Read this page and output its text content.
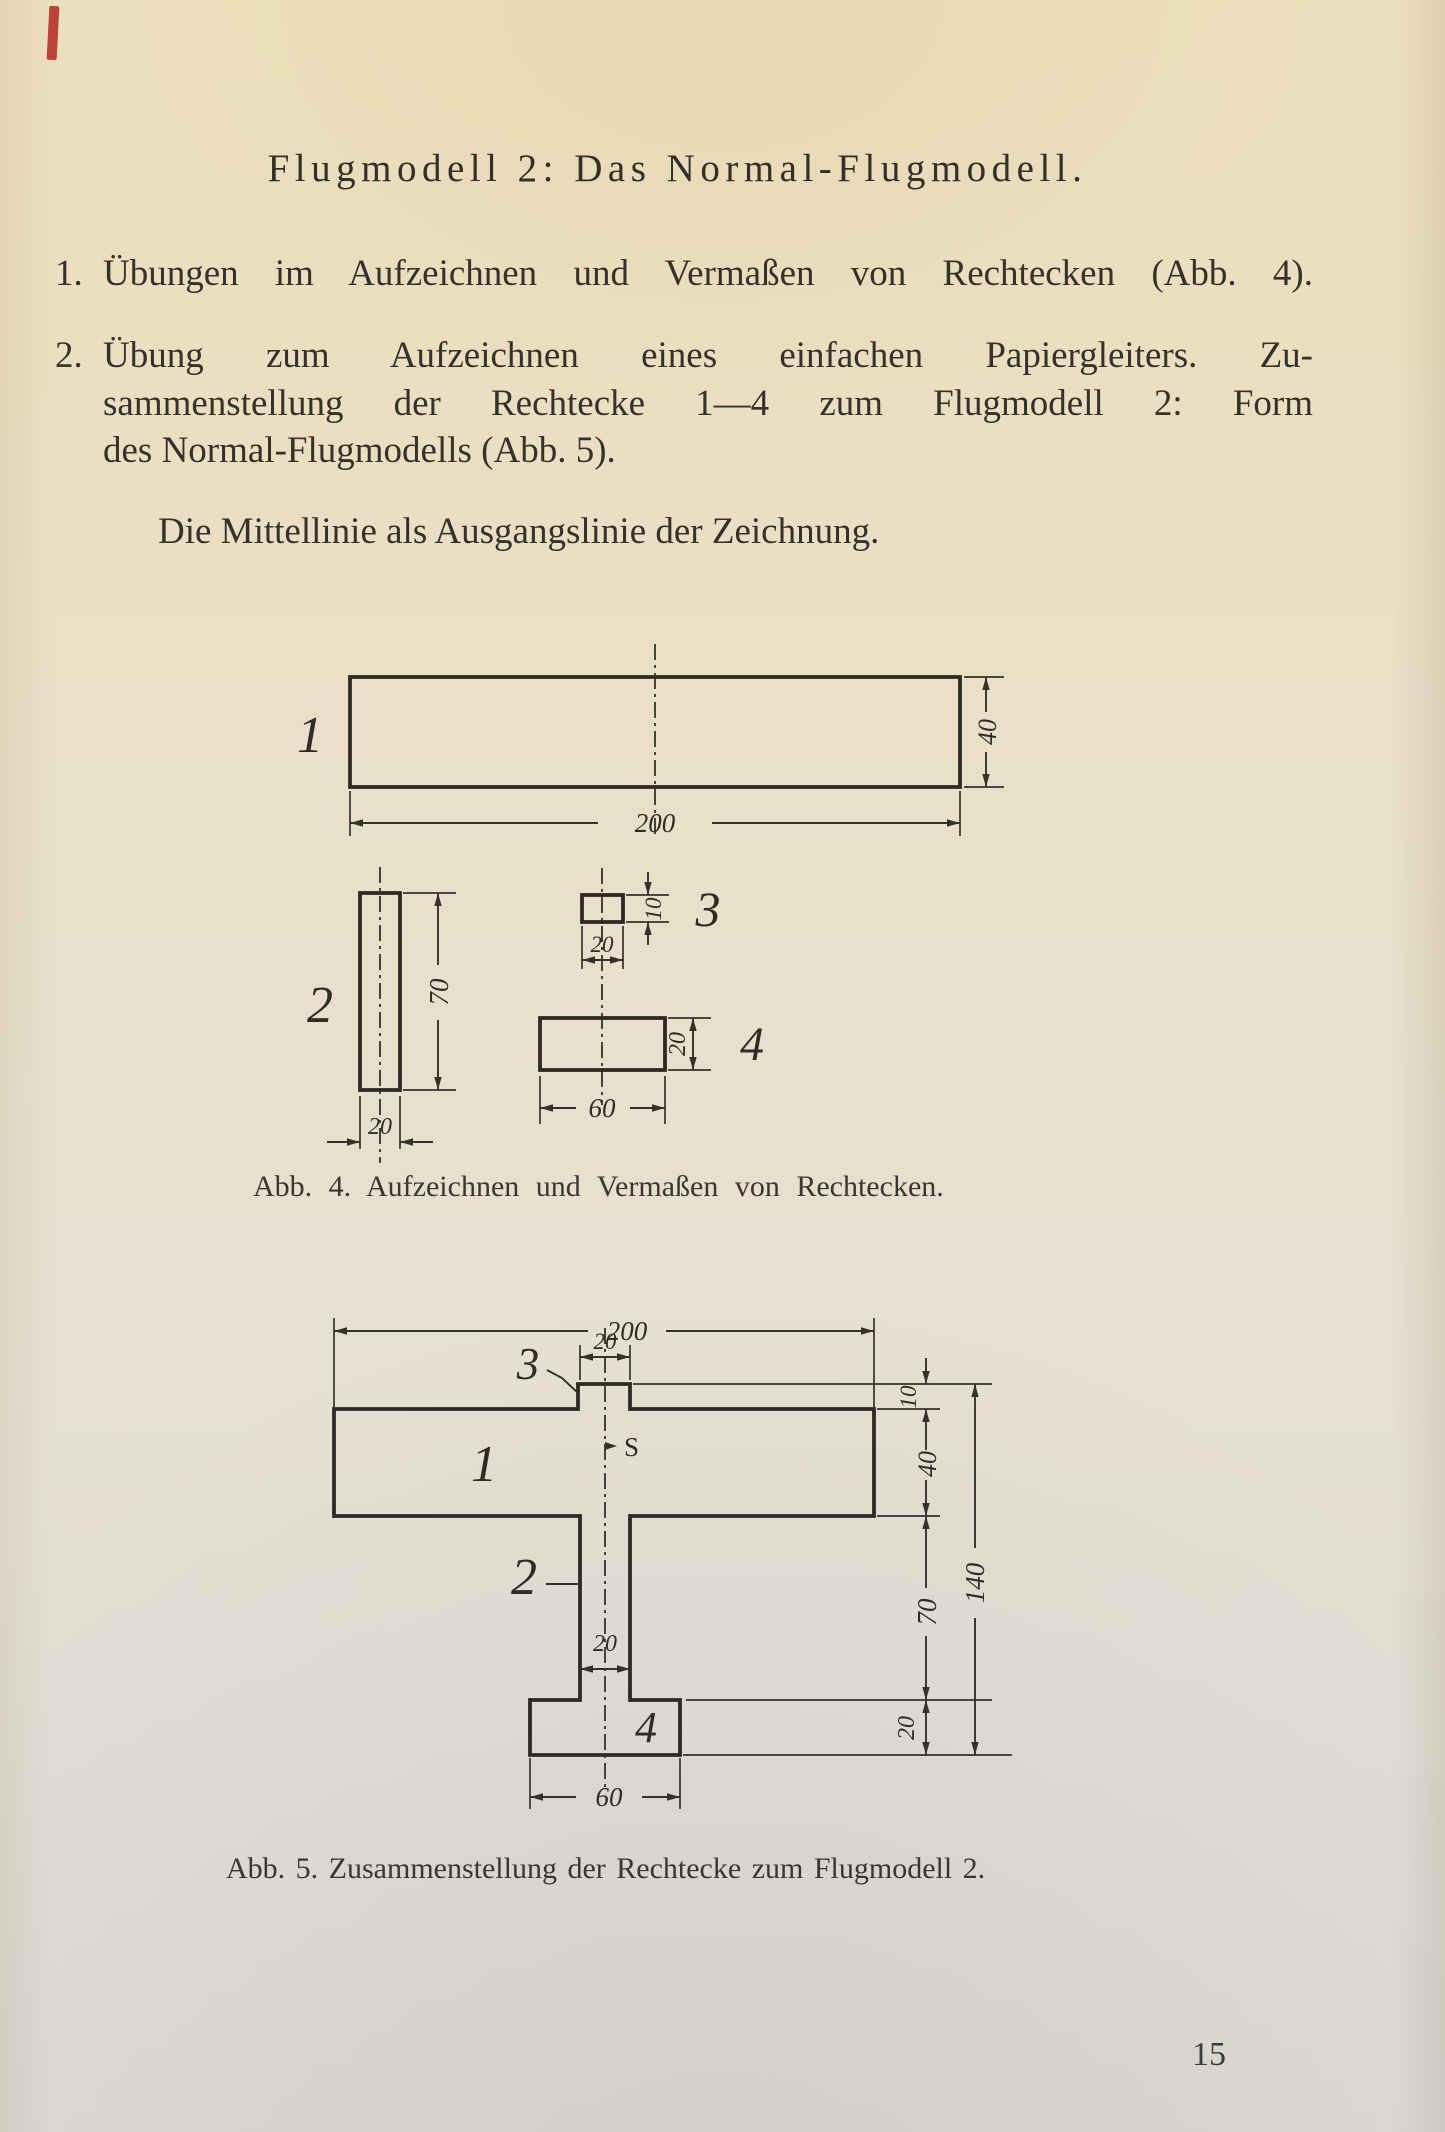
Flugmodell 2: Das Normal-Flugmodell.
1. Übungen im Aufzeichnen und Vermaßen von Rechtecken (Abb. 4).
2. Übung zum Aufzeichnen eines einfachen Papiergleiters. Zu-
sammenstellung der Rechtecke 1—4 zum Flugmodell 2: Form
des Normal-Flugmodells (Abb. 5).
Die Mittellinie als Ausgangslinie der Zeichnung.
200
40
1
70
20
2
20
10 3
60
20 4
Abb. 4. Aufzeichnen und Vermaßen von Rechtecken.
200
20
3
1	S
10
40
70
20
140
2
20
4
60
Abb. 5. Zusammenstellung der Rechtecke zum Flugmodell 2.
15
